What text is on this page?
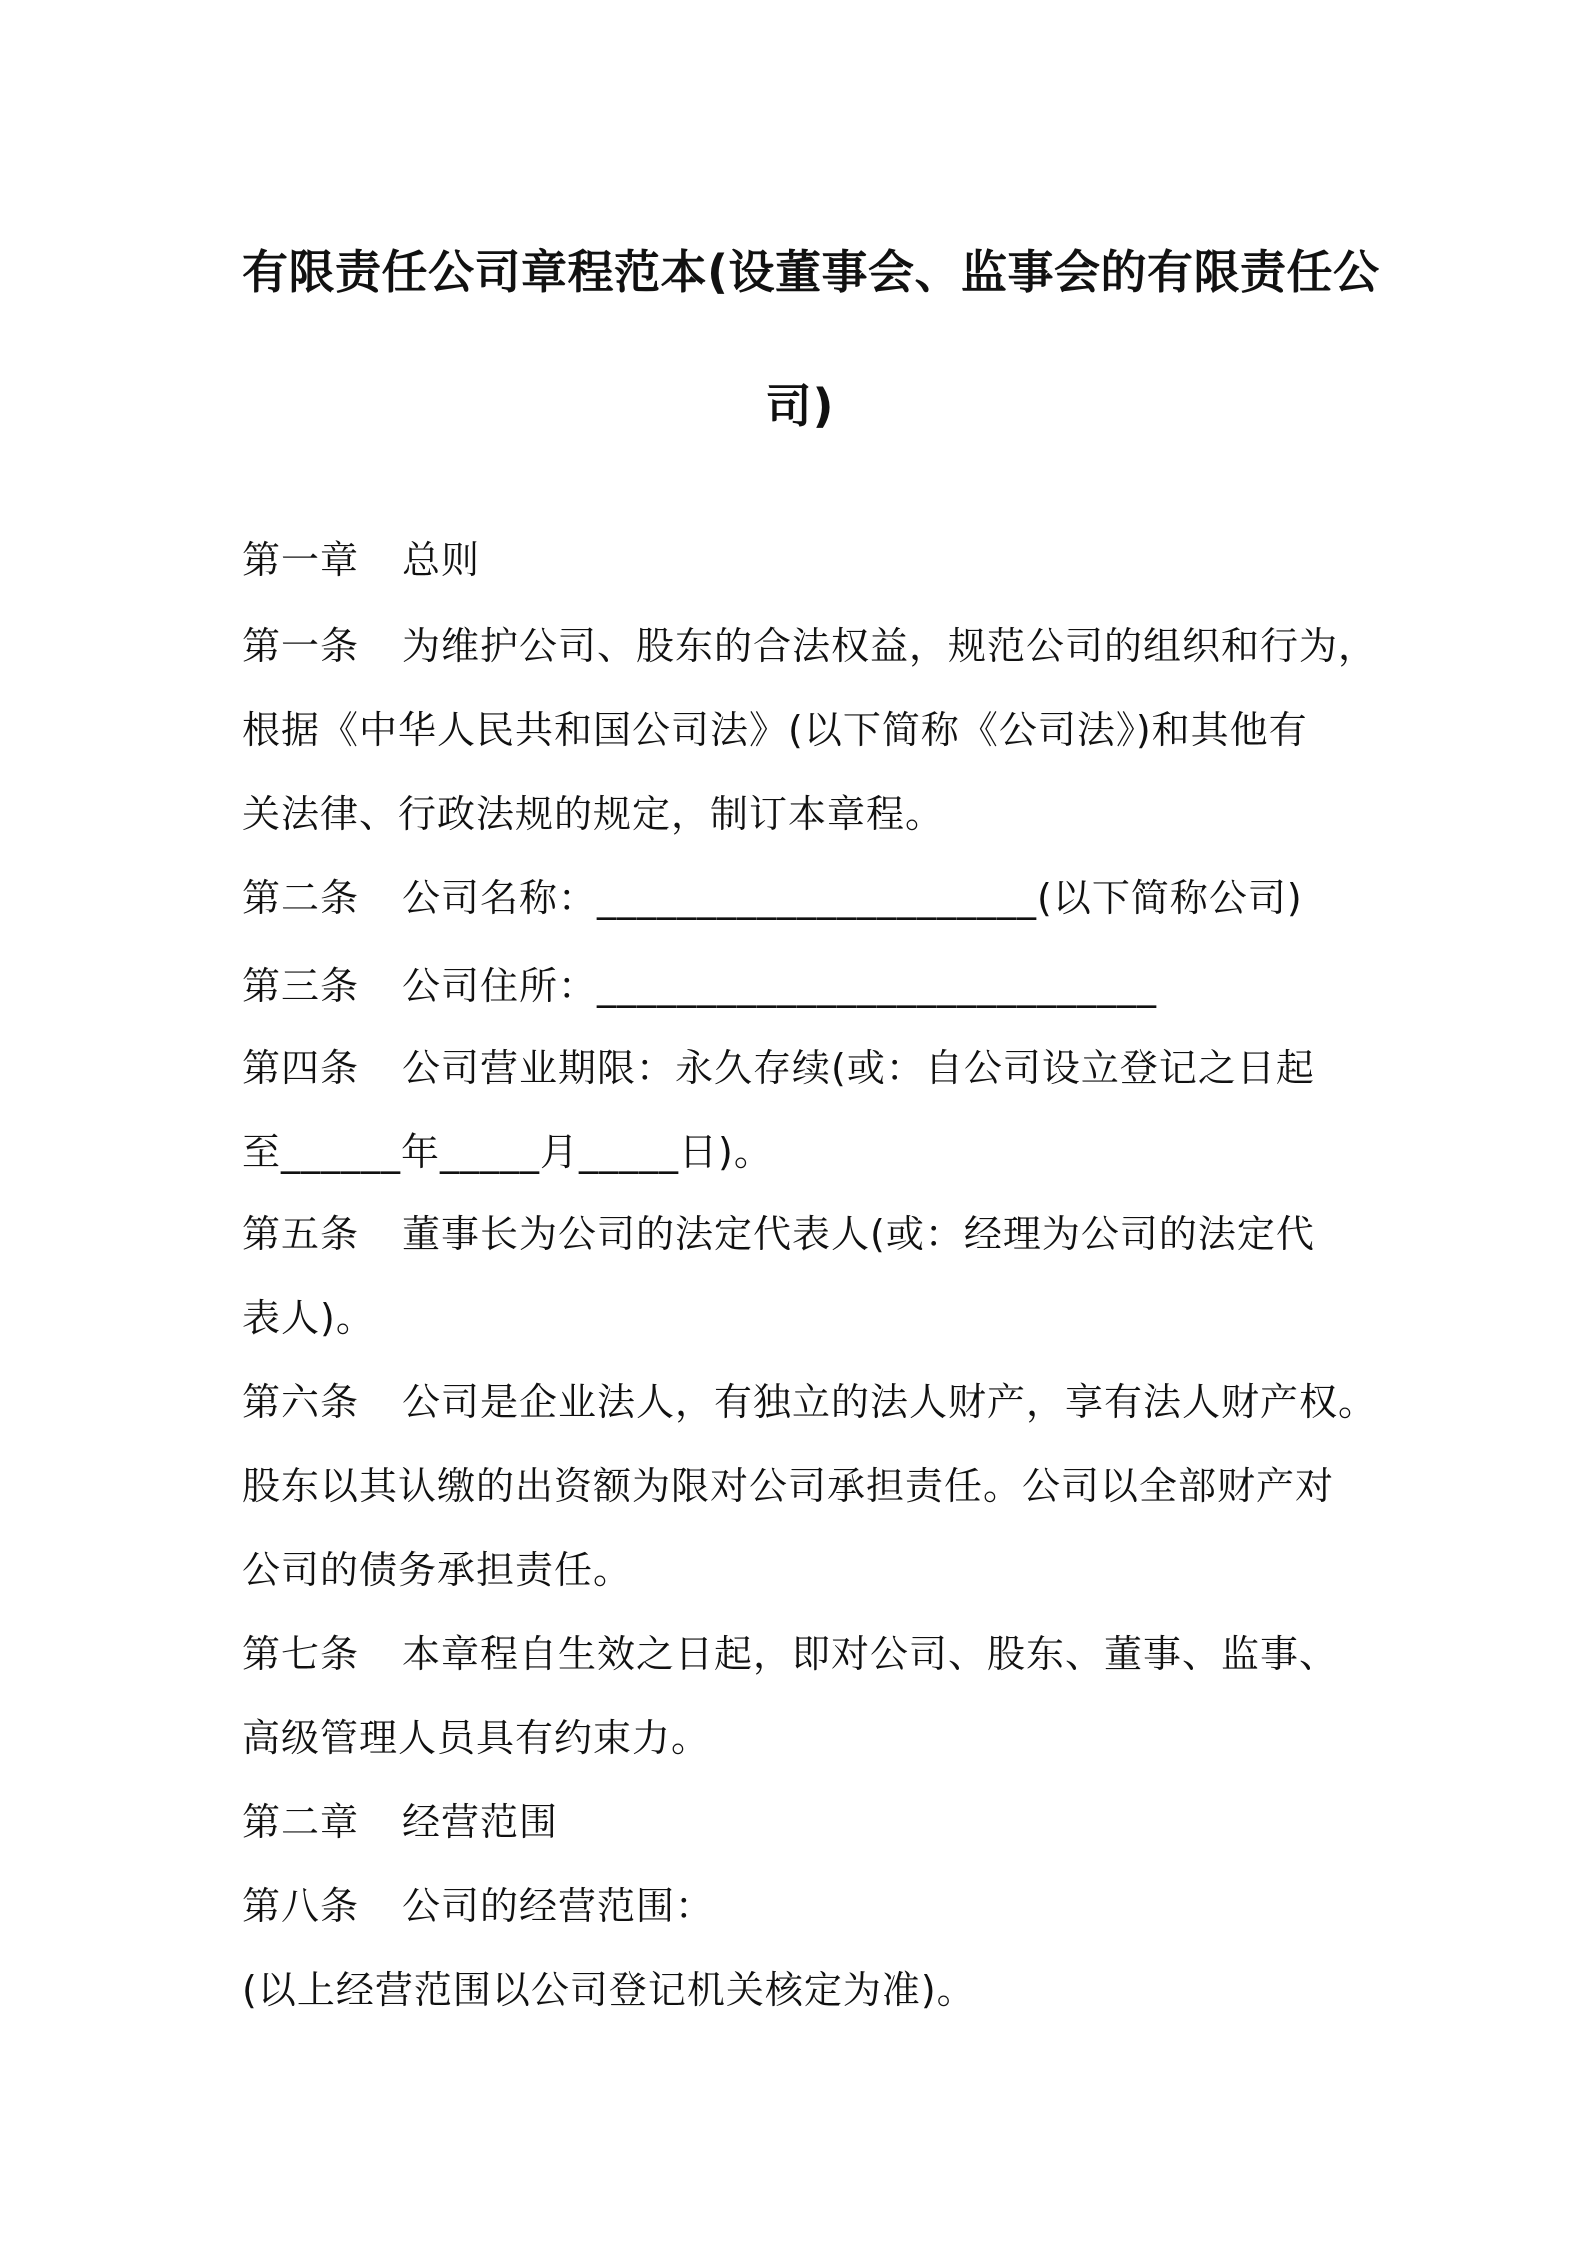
有限责任公司章程范本(设董事会、监事会的有限责任公
司)
第一章 总则
第一条 为维护公司、股东的合法权益，规范公司的组织和行为，
根据《中华人民共和国公司法》(以下简称《公司法》)和其他有
关法律、行政法规的规定，制订本章程。
第二条 公司名称：______________________(以下简称公司)
第三条 公司住所：____________________________
第四条 公司营业期限：永久存续(或：自公司设立登记之日起
至______年_____月_____日)。
第五条 董事长为公司的法定代表人(或：经理为公司的法定代
表人)。
第六条 公司是企业法人，有独立的法人财产，享有法人财产权。
股东以其认缴的出资额为限对公司承担责任。公司以全部财产对
公司的债务承担责任。
第七条 本章程自生效之日起，即对公司、股东、董事、监事、
高级管理人员具有约束力。
第二章 经营范围
第八条 公司的经营范围：
(以上经营范围以公司登记机关核定为准)。
